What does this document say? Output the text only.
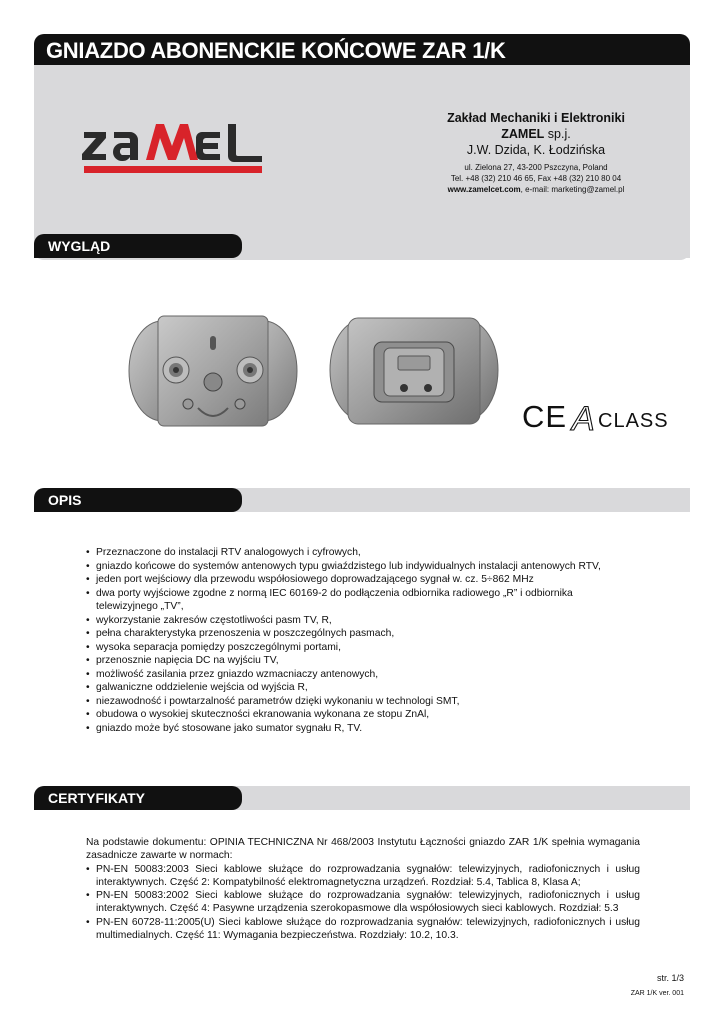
GNIAZDO ABONENCKIE KOŃCOWE ZAR 1/K
Zakład Mechaniki i Elektroniki
ZAMEL sp.j.
J.W. Dzida, K. Łodzińska
ul. Zielona 27, 43-200 Pszczyna, Poland
Tel. +48 (32) 210 46 65, Fax +48 (32) 210 80 04
www.zamelcet.com, e-mail: marketing@zamel.pl
WYGLĄD
CE A CLASS
OPIS
• Przeznaczone do instalacji RTV analogowych i cyfrowych,
• gniazdo końcowe do systemów antenowych typu gwiaździstego lub indywidualnych instalacji antenowych RTV,
• jeden port wejściowy dla przewodu współosiowego doprowadzającego sygnał w. cz. 5÷862 MHz
• dwa porty wyjściowe zgodne z normą IEC 60169-2 do podłączenia odbiornika radiowego „R” i odbiornika telewizyjnego „TV”,
• wykorzystanie zakresów częstotliwości pasm TV, R,
• pełna charakterystyka przenoszenia w poszczególnych pasmach,
• wysoka separacja pomiędzy poszczególnymi portami,
• przenosznie napięcia DC na wyjściu TV,
• możliwość zasilania przez gniazdo wzmacniaczy antenowych,
• galwaniczne oddzielenie wejścia od wyjścia R,
• niezawodność i powtarzalność parametrów dzięki wykonaniu w technologi SMT,
• obudowa o wysokiej skuteczności ekranowania wykonana ze stopu ZnAl,
• gniazdo może być stosowane jako sumator sygnału R, TV.
CERTYFIKATY

Na podstawie dokumentu: OPINIA TECHNICZNA Nr 468/2003 Instytutu Łączności gniazdo ZAR 1/K spełnia wymagania zasadnicze zawarte w normach:

• PN-EN 50083:2003 Sieci kablowe służące do rozprowadzania sygnałów: telewizyjnych, radiofonicznych i usług interaktywnych. Część 2: Kompatybilność elektromagnetyczna urządzeń. Rozdział: 5.4, Tablica 8, Klasa A;
• PN-EN 50083:2002 Sieci kablowe służące do rozprowadzania sygnałów: telewizyjnych, radiofonicznych i usług interaktywnych. Część 4: Pasywne urządzenia szerokopasmowe dla współosiowych sieci kablowych. Rozdział: 5.3
• PN-EN 60728-11:2005(U) Sieci kablowe służące do rozprowadzania sygnałów: telewizyjnych, radiofonicznych i usług multimedialnych. Część 11: Wymagania bezpieczeństwa. Rozdziały: 10.2, 10.3.
str. 1/3
ZAR 1/K ver. 001
